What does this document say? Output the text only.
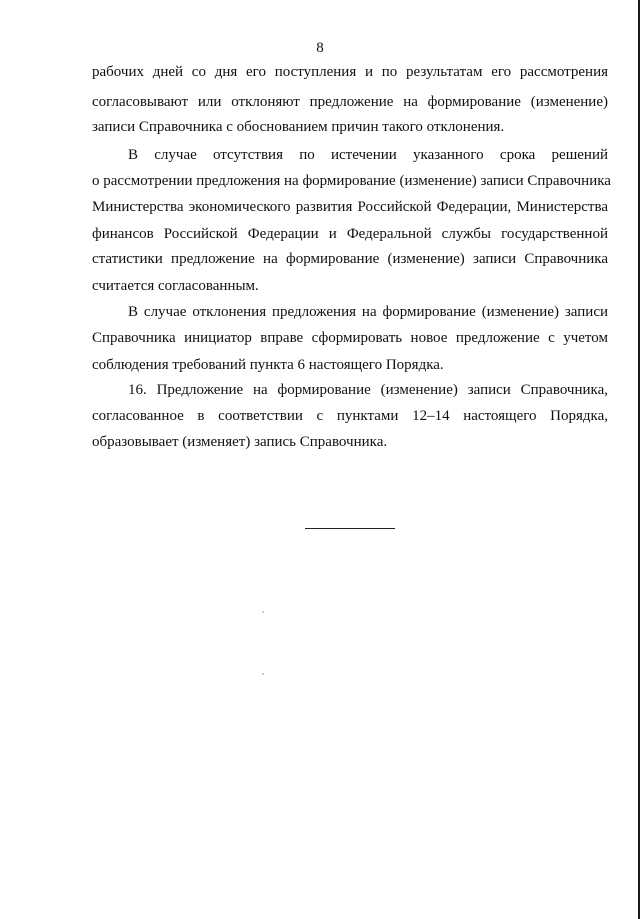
8
рабочих дней со дня его поступления и по результатам его рассмотрения
согласовывают или отклоняют предложение на формирование (изменение)
записи Справочника с обоснованием причин такого отклонения.
В случае отсутствия по истечении указанного срока решений
о рассмотрении предложения на формирование (изменение) записи Справочника
Министерства экономического развития Российской Федерации, Министерства
финансов Российской Федерации и Федеральной службы государственной
статистики предложение на формирование (изменение) записи Справочника
считается согласованным.
В случае отклонения предложения на формирование (изменение) записи
Справочника инициатор вправе сформировать новое предложение с учетом
соблюдения требований пункта 6 настоящего Порядка.
16. Предложение на формирование (изменение) записи Справочника,
согласованное в соответствии с пунктами 12–14 настоящего Порядка,
образовывает (изменяет) запись Справочника.
